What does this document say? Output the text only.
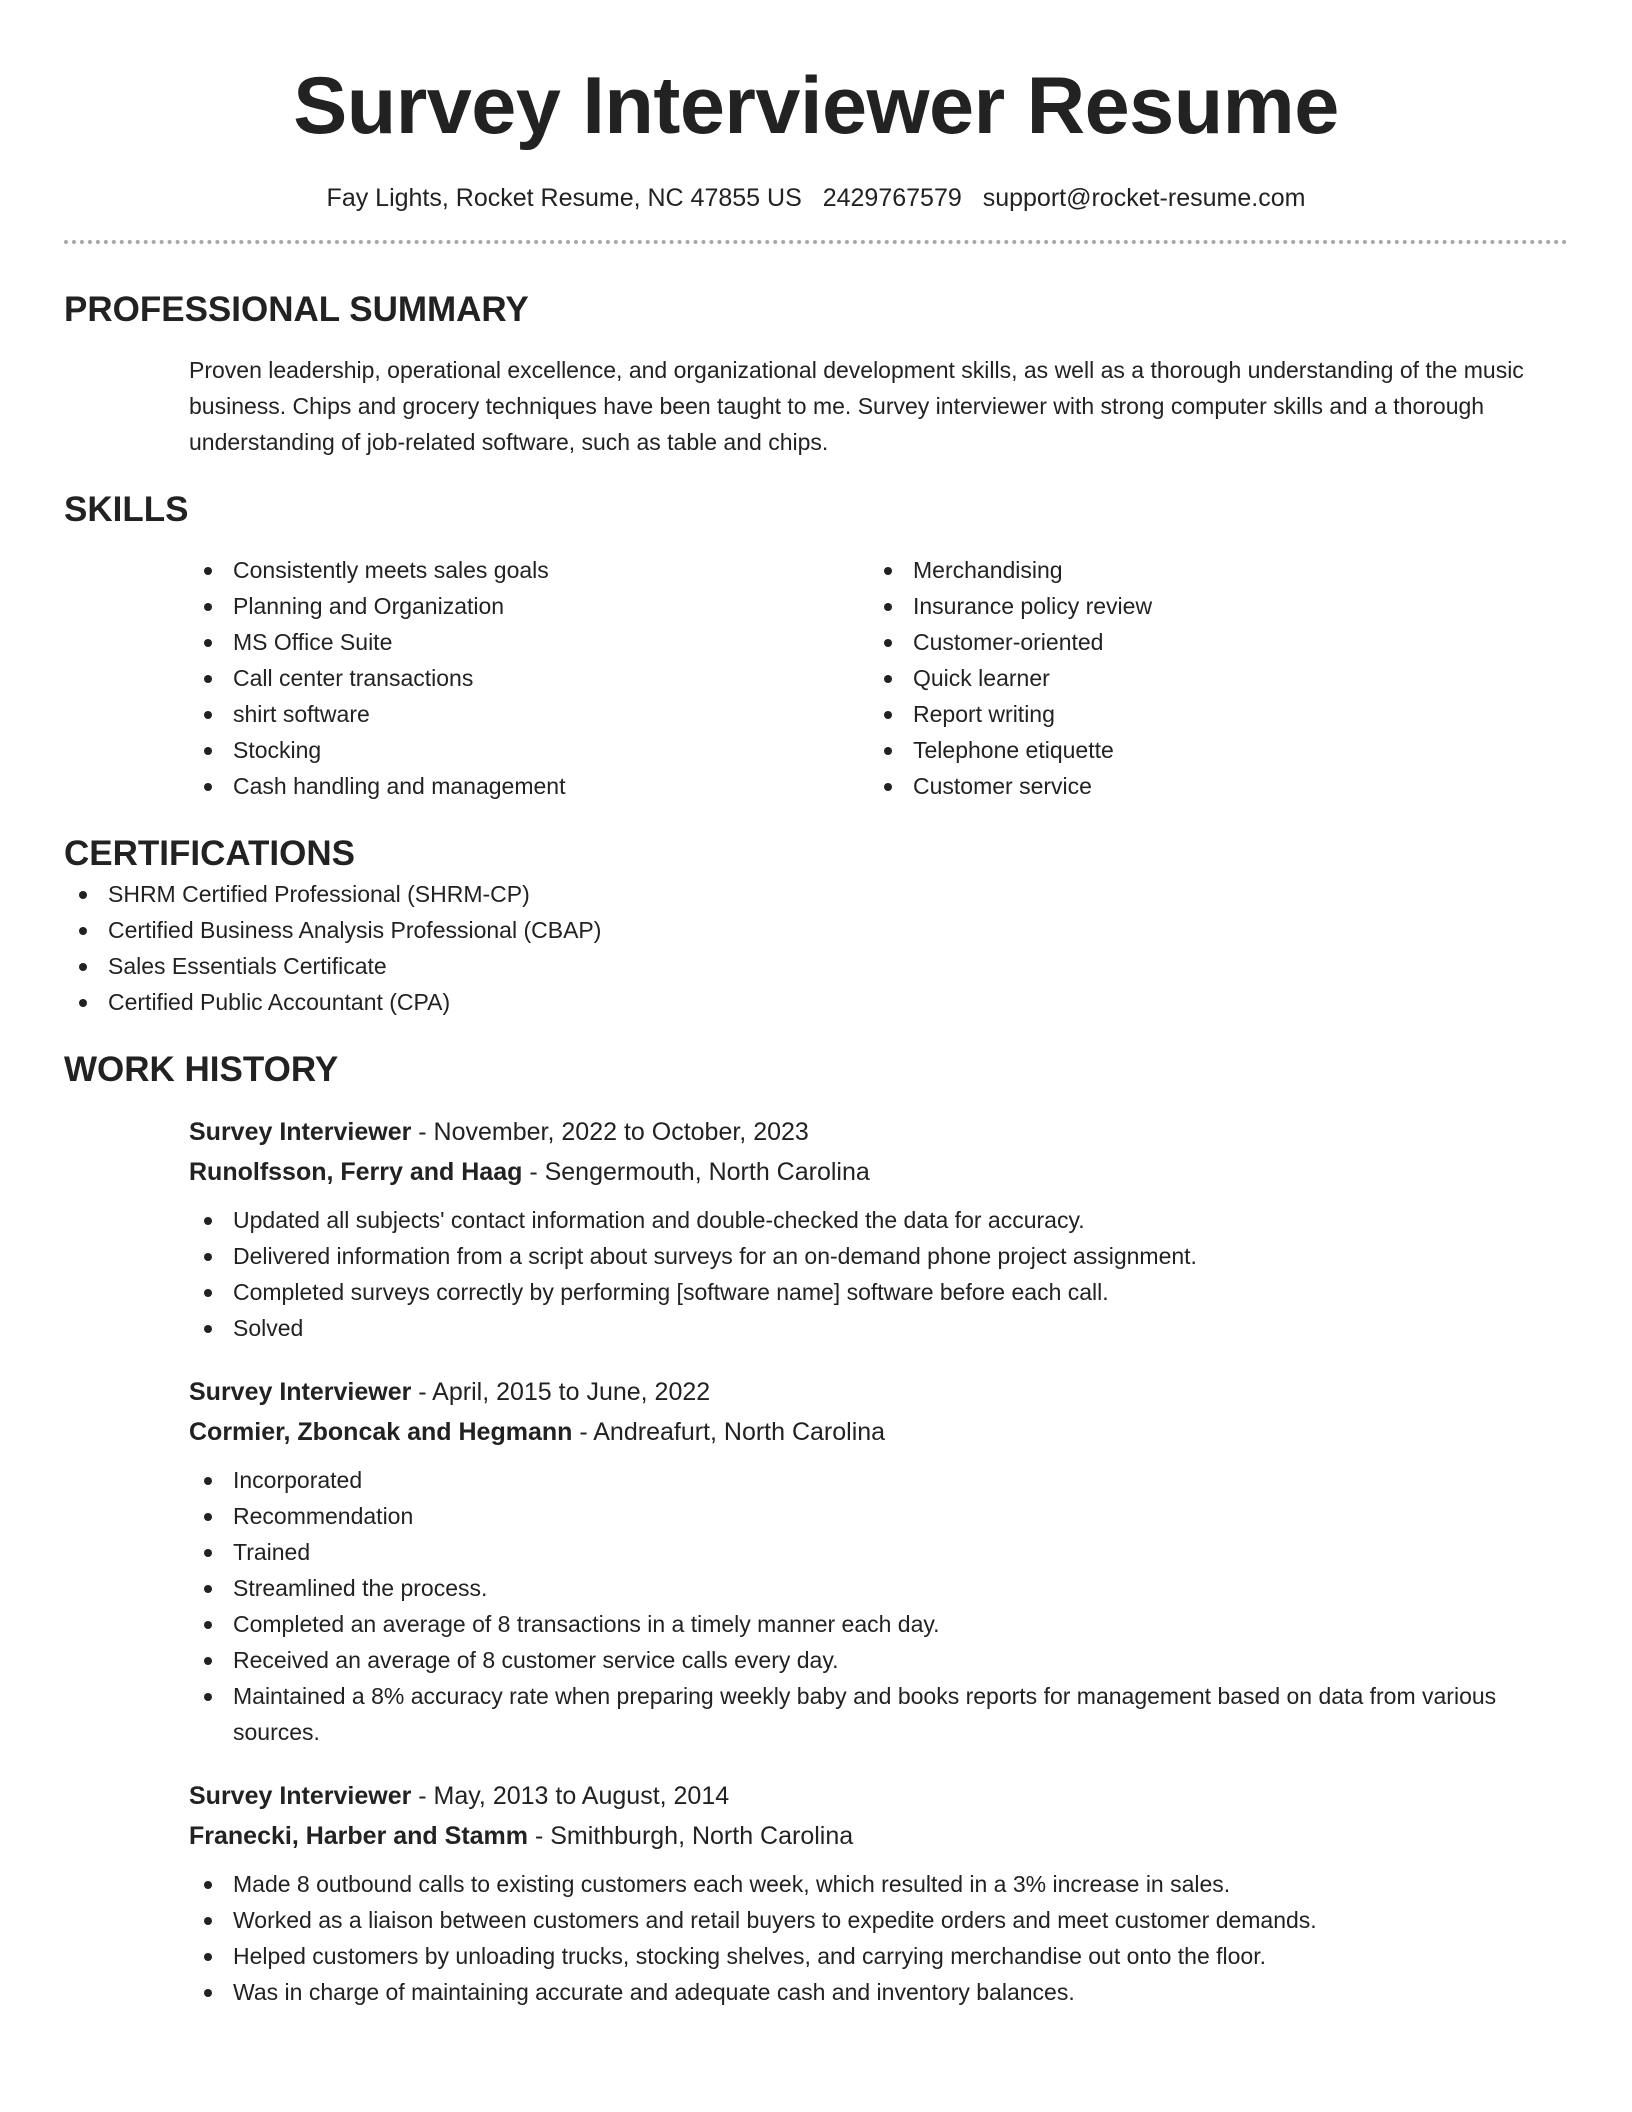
Survey Interviewer Resume
Fay Lights, Rocket Resume, NC 47855 US 2429767579 support@rocket-resume.com
PROFESSIONAL SUMMARY

Proven leadership, operational excellence, and organizational development skills, as well as a thorough understanding of the music business. Chips and grocery techniques have been taught to me. Survey interviewer with strong computer skills and a thorough understanding of job-related software, such as table and chips.

SKILLS
Consistently meets sales goals
Planning and Organization
MS Office Suite
Call center transactions
shirt software
Stocking
Cash handling and management
Merchandising
Insurance policy review
Customer-oriented
Quick learner
Report writing
Telephone etiquette
Customer service
CERTIFICATIONS
SHRM Certified Professional (SHRM-CP)
Certified Business Analysis Professional (CBAP)
Sales Essentials Certificate
Certified Public Accountant (CPA)
WORK HISTORY
Survey Interviewer - November, 2022 to October, 2023
Runolfsson, Ferry and Haag - Sengermouth, North Carolina
Updated all subjects' contact information and double-checked the data for accuracy.
Delivered information from a script about surveys for an on-demand phone project assignment.
Completed surveys correctly by performing [software name] software before each call.
Solved
Survey Interviewer - April, 2015 to June, 2022
Cormier, Zboncak and Hegmann - Andreafurt, North Carolina
Incorporated
Recommendation
Trained
Streamlined the process.
Completed an average of 8 transactions in a timely manner each day.
Received an average of 8 customer service calls every day.
Maintained a 8% accuracy rate when preparing weekly baby and books reports for management based on data from various sources.
Survey Interviewer - May, 2013 to August, 2014
Franecki, Harber and Stamm - Smithburgh, North Carolina
Made 8 outbound calls to existing customers each week, which resulted in a 3% increase in sales.
Worked as a liaison between customers and retail buyers to expedite orders and meet customer demands.
Helped customers by unloading trucks, stocking shelves, and carrying merchandise out onto the floor.
Was in charge of maintaining accurate and adequate cash and inventory balances.
